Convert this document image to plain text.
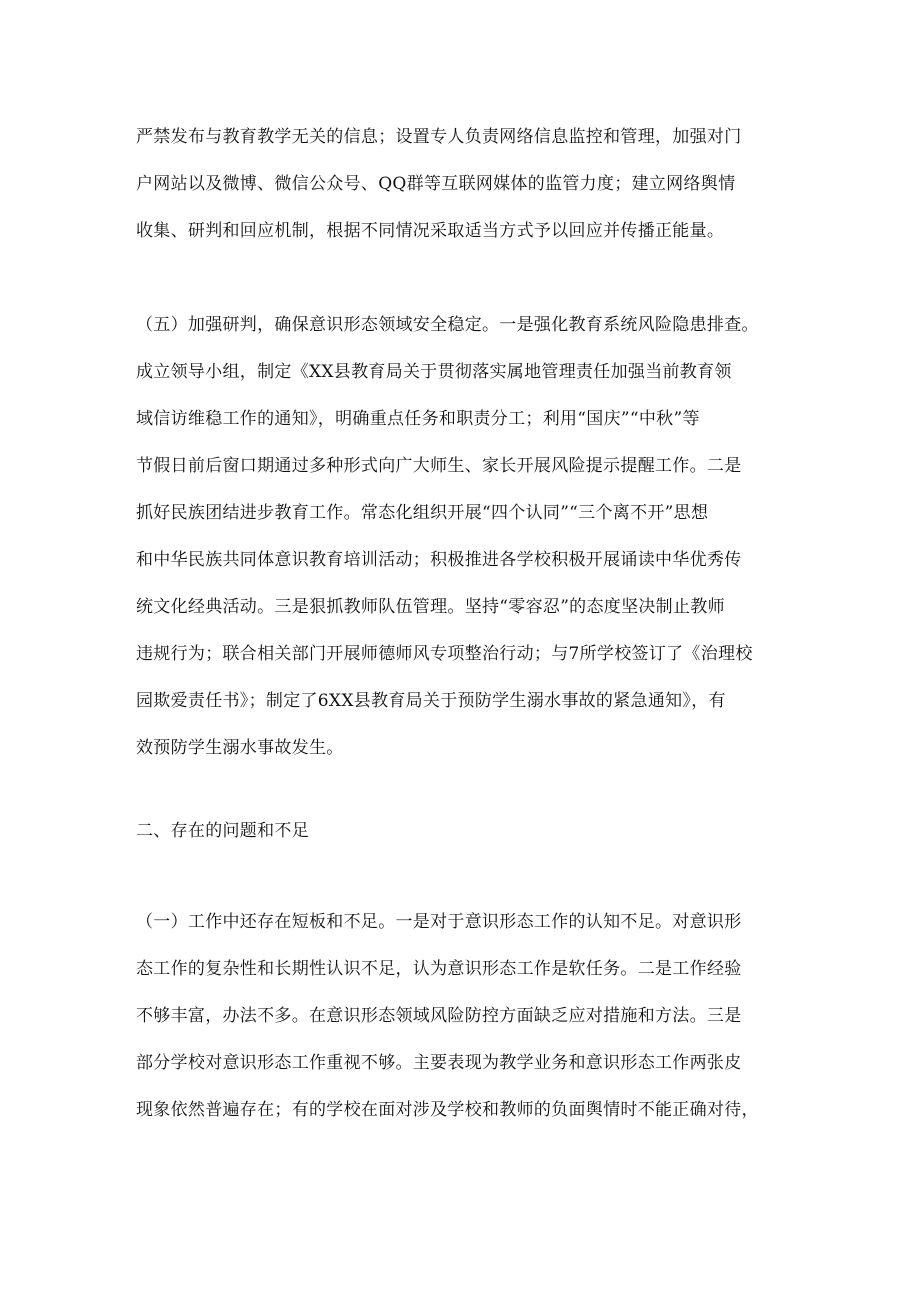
严禁发布与教育教学无关的信息；设置专人负责网络信息监控和管理，加强对门
户网站以及微博、微信公众号、QQ群等互联网媒体的监管力度；建立网络舆情
收集、研判和回应机制，根据不同情况采取适当方式予以回应并传播正能量。

（五）加强研判，确保意识形态领域安全稳定。一是强化教育系统风险隐患排查。
成立领导小组，制定《XX县教育局关于贯彻落实属地管理责任加强当前教育领
域信访维稳工作的通知》，明确重点任务和职责分工；利用“国庆”“中秋”等
节假日前后窗口期通过多种形式向广大师生、家长开展风险提示提醒工作。二是
抓好民族团结进步教育工作。常态化组织开展“四个认同”“三个离不开”思想
和中华民族共同体意识教育培训活动；积极推进各学校积极开展诵读中华优秀传
统文化经典活动。三是狠抓教师队伍管理。坚持“零容忍”的态度坚决制止教师
违规行为；联合相关部门开展师德师风专项整治行动；与7所学校签订了《治理校
园欺爱责任书》；制定了6XX县教育局关于预防学生溺水事故的紧急通知》，有
效预防学生溺水事故发生。

二、存在的问题和不足

（一）工作中还存在短板和不足。一是对于意识形态工作的认知不足。对意识形
态工作的复杂性和长期性认识不足，认为意识形态工作是软任务。二是工作经验
不够丰富，办法不多。在意识形态领域风险防控方面缺乏应对措施和方法。三是
部分学校对意识形态工作重视不够。主要表现为教学业务和意识形态工作两张皮
现象依然普遍存在；有的学校在面对涉及学校和教师的负面舆情时不能正确对待，
